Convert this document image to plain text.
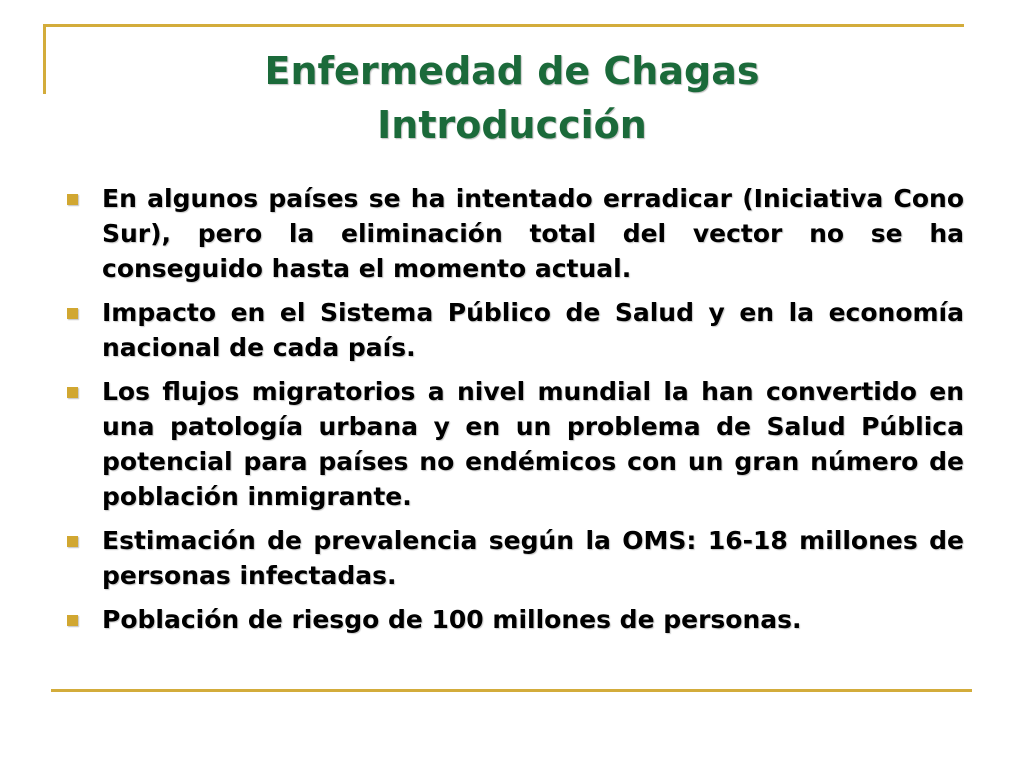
Enfermedad de Chagas
Introducción
En algunos países se ha intentado erradicar (Iniciativa Cono Sur), pero la eliminación total del vector no se ha conseguido hasta el momento actual.
Impacto en el Sistema Público de Salud y en la economía nacional de cada país.
Los flujos migratorios a nivel mundial la han convertido en una patología urbana y en un problema de Salud Pública potencial para países no endémicos con un gran número de población inmigrante.
Estimación de prevalencia según la OMS: 16-18 millones de personas infectadas.
Población de riesgo de 100 millones de personas.
